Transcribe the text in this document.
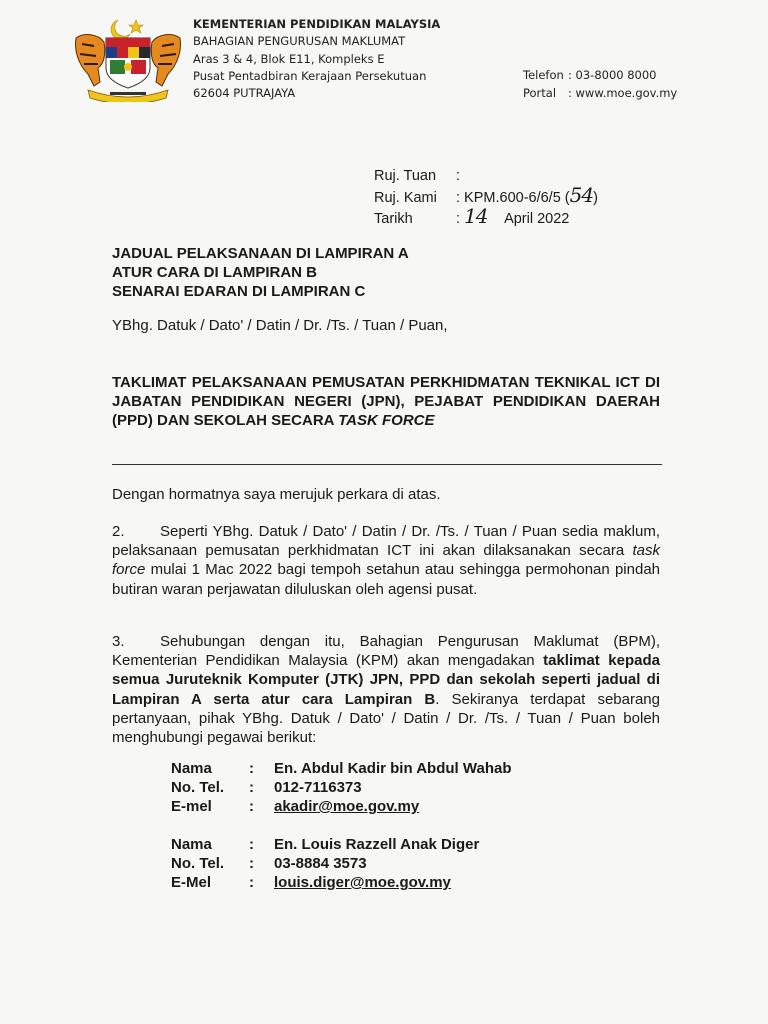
KEMENTERIAN PENDIDIKAN MALAYSIA
BAHAGIAN PENGURUSAN MAKLUMAT
Aras 3 & 4, Blok E11, Kompleks E
Pusat Pentadbiran Kerajaan Persekutuan
62604 PUTRAJAYA
Telefon : 03-8000 8000
Portal : www.moe.gov.my
Ruj. Tuan :
Ruj. Kami : KPM.600-6/6/5 (54)
Tarikh	: 14 April 2022
JADUAL PELAKSANAAN DI LAMPIRAN A
ATUR CARA DI LAMPIRAN B
SENARAI EDARAN DI LAMPIRAN C
YBhg. Datuk / Dato' / Datin / Dr. /Ts. / Tuan / Puan,
TAKLIMAT PELAKSANAAN PEMUSATAN PERKHIDMATAN TEKNIKAL ICT DI JABATAN PENDIDIKAN NEGERI (JPN), PEJABAT PENDIDIKAN DAERAH (PPD) DAN SEKOLAH SECARA TASK FORCE
Dengan hormatnya saya merujuk perkara di atas.
2. Seperti YBhg. Datuk / Dato' / Datin / Dr. /Ts. / Tuan / Puan sedia maklum, pelaksanaan pemusatan perkhidmatan ICT ini akan dilaksanakan secara task force mulai 1 Mac 2022 bagi tempoh setahun atau sehingga permohonan pindah butiran waran perjawatan diluluskan oleh agensi pusat.
3. Sehubungan dengan itu, Bahagian Pengurusan Maklumat (BPM), Kementerian Pendidikan Malaysia (KPM) akan mengadakan taklimat kepada semua Juruteknik Komputer (JTK) JPN, PPD dan sekolah seperti jadual di Lampiran A serta atur cara Lampiran B. Sekiranya terdapat sebarang pertanyaan, pihak YBhg. Datuk / Dato' / Datin / Dr. /Ts. / Tuan / Puan boleh menghubungi pegawai berikut:
Nama : En. Abdul Kadir bin Abdul Wahab
No. Tel. : 012-7116373
E-mel : akadir@moe.gov.my
Nama : En. Louis Razzell Anak Diger
No. Tel. : 03-8884 3573
E-Mel	: louis.diger@moe.gov.my
